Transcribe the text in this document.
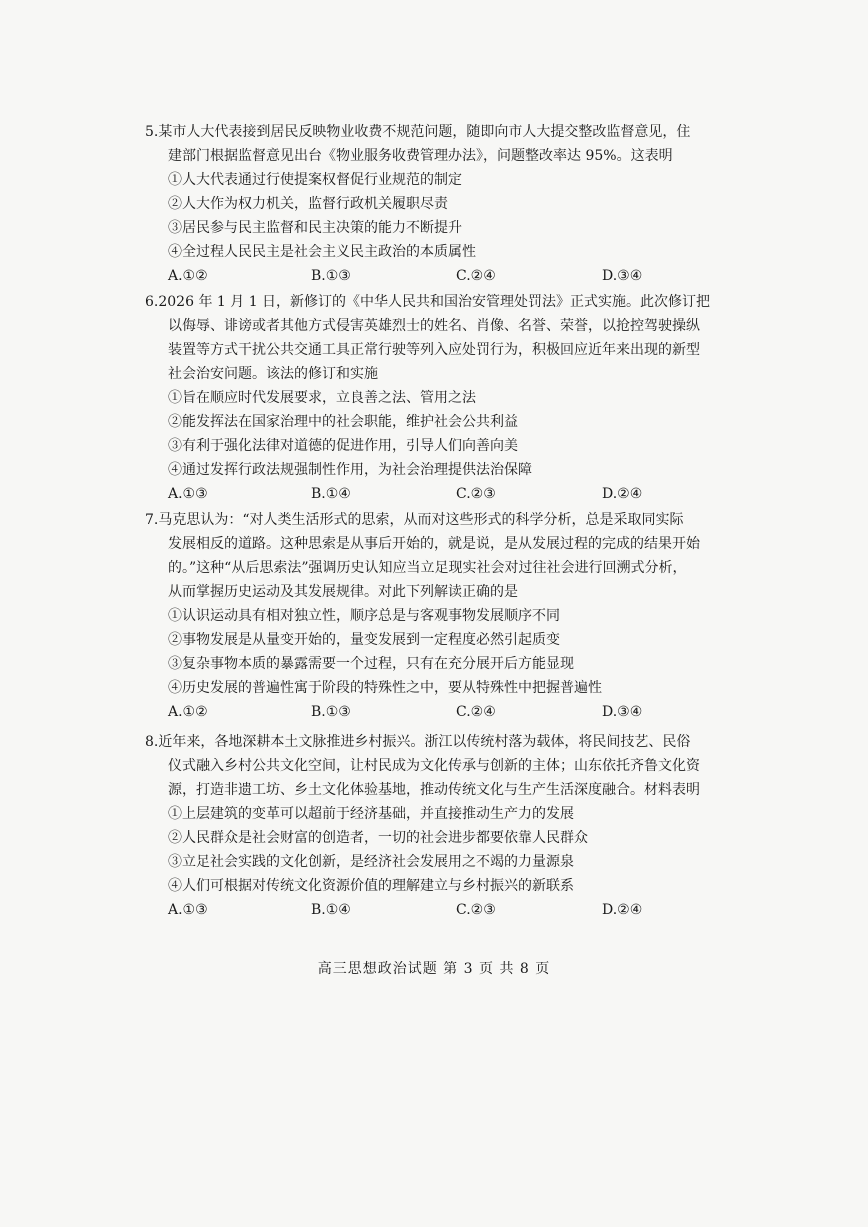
5.某市人大代表接到居民反映物业收费不规范问题，随即向市人大提交整改监督意见，住

建部门根据监督意见出台《物业服务收费管理办法》，问题整改率达 95%。这表明

①人大代表通过行使提案权督促行业规范的制定

②人大作为权力机关，监督行政机关履职尽责

③居民参与民主监督和民主决策的能力不断提升

④全过程人民民主是社会主义民主政治的本质属性

A.①②	B.①③	C.②④	D.③④

6.2026 年 1 月 1 日，新修订的《中华人民共和国治安管理处罚法》正式实施。此次修订把

以侮辱、诽谤或者其他方式侵害英雄烈士的姓名、肖像、名誉、荣誉，以抢控驾驶操纵

装置等方式干扰公共交通工具正常行驶等列入应处罚行为，积极回应近年来出现的新型

社会治安问题。该法的修订和实施

①旨在顺应时代发展要求，立良善之法、管用之法

②能发挥法在国家治理中的社会职能，维护社会公共利益

③有利于强化法律对道德的促进作用，引导人们向善向美

④通过发挥行政法规强制性作用，为社会治理提供法治保障

A.①③	B.①④	C.②③	D.②④

7.马克思认为：“对人类生活形式的思索，从而对这些形式的科学分析，总是采取同实际

发展相反的道路。这种思索是从事后开始的，就是说，是从发展过程的完成的结果开始

的。”这种“从后思索法”强调历史认知应当立足现实社会对过往社会进行回溯式分析，

从而掌握历史运动及其发展规律。对此下列解读正确的是

①认识运动具有相对独立性，顺序总是与客观事物发展顺序不同

②事物发展是从量变开始的，量变发展到一定程度必然引起质变

③复杂事物本质的暴露需要一个过程，只有在充分展开后方能显现

④历史发展的普遍性寓于阶段的特殊性之中，要从特殊性中把握普遍性

A.①②	B.①③	C.②④	D.③④

8.近年来，各地深耕本土文脉推进乡村振兴。浙江以传统村落为载体，将民间技艺、民俗

仪式融入乡村公共文化空间，让村民成为文化传承与创新的主体；山东依托齐鲁文化资

源，打造非遗工坊、乡土文化体验基地，推动传统文化与生产生活深度融合。材料表明

①上层建筑的变革可以超前于经济基础，并直接推动生产力的发展

②人民群众是社会财富的创造者，一切的社会进步都要依靠人民群众

③立足社会实践的文化创新，是经济社会发展用之不竭的力量源泉

④人们可根据对传统文化资源价值的理解建立与乡村振兴的新联系

A.①③	B.①④	C.②③	D.②④
高三思想政治试题 第 3 页 共 8 页
